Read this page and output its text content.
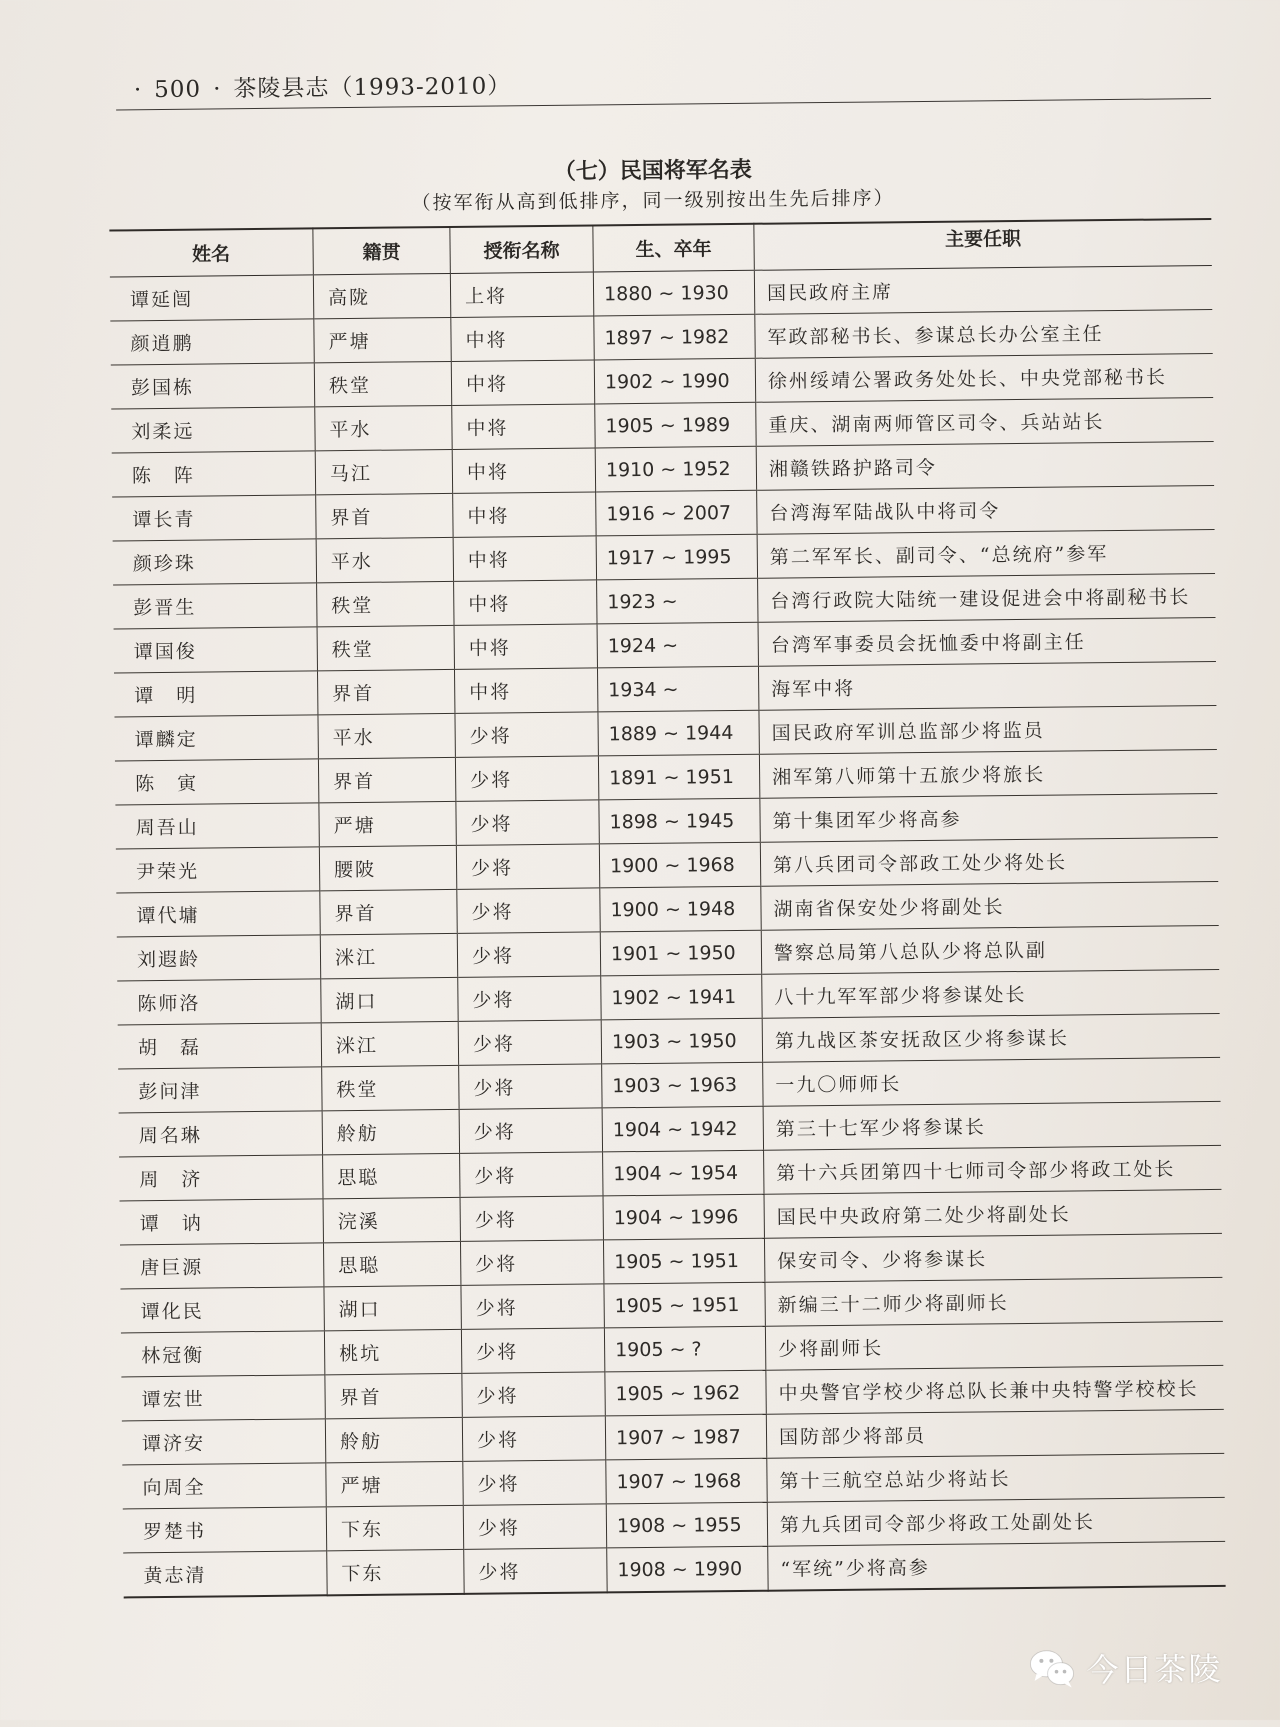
· 500 · 茶陵县志（1993-2010）
（七）民国将军名表
（按军衔从高到低排序，同一级别按出生先后排序）
姓名	籍贯	授衔名称	生、卒年	主要任职
谭延闿	高陇	上将	1880 ~ 1930	国民政府主席
颜逍鹏	严塘	中将	1897 ~ 1982	军政部秘书长、参谋总长办公室主任
彭国栋	秩堂	中将	1902 ~ 1990	徐州绥靖公署政务处处长、中央党部秘书长
刘柔远	平水	中将	1905 ~ 1989	重庆、湖南两师管区司令、兵站站长
陈　阵	马江	中将	1910 ~ 1952	湘赣铁路护路司令
谭长青	界首	中将	1916 ~ 2007	台湾海军陆战队中将司令
颜珍珠	平水	中将	1917 ~ 1995	第二军军长、副司令、“总统府”参军
彭晋生	秩堂	中将	1923 ~	台湾行政院大陆统一建设促进会中将副秘书长
谭国俊	秩堂	中将	1924 ~	台湾军事委员会抚恤委中将副主任
谭　明	界首	中将	1934 ~	海军中将
谭麟定	平水	少将	1889 ~ 1944	国民政府军训总监部少将监员
陈　寅	界首	少将	1891 ~ 1951	湘军第八师第十五旅少将旅长
周吾山	严塘	少将	1898 ~ 1945	第十集团军少将高参
尹荣光	腰陂	少将	1900 ~ 1968	第八兵团司令部政工处少将处长
谭代墉	界首	少将	1900 ~ 1948	湖南省保安处少将副处长
刘遐龄	洣江	少将	1901 ~ 1950	警察总局第八总队少将总队副
陈师洛	湖口	少将	1902 ~ 1941	八十九军军部少将参谋处长
胡　磊	洣江	少将	1903 ~ 1950	第九战区茶安抚敌区少将参谋长
彭问津	秩堂	少将	1903 ~ 1963	一九〇师师长
周名琳	舲舫	少将	1904 ~ 1942	第三十七军少将参谋长
周　济	思聪	少将	1904 ~ 1954	第十六兵团第四十七师司令部少将政工处长
谭　讷	浣溪	少将	1904 ~ 1996	国民中央政府第二处少将副处长
唐巨源	思聪	少将	1905 ~ 1951	保安司令、少将参谋长
谭化民	湖口	少将	1905 ~ 1951	新编三十二师少将副师长
林冠衡	桃坑	少将	1905 ~ ?	少将副师长
谭宏世	界首	少将	1905 ~ 1962	中央警官学校少将总队长兼中央特警学校校长
谭济安	舲舫	少将	1907 ~ 1987	国防部少将部员
向周全	严塘	少将	1907 ~ 1968	第十三航空总站少将站长
罗楚书	下东	少将	1908 ~ 1955	第九兵团司令部少将政工处副处长
黄志清	下东	少将	1908 ~ 1990	“军统”少将高参
今日茶陵
